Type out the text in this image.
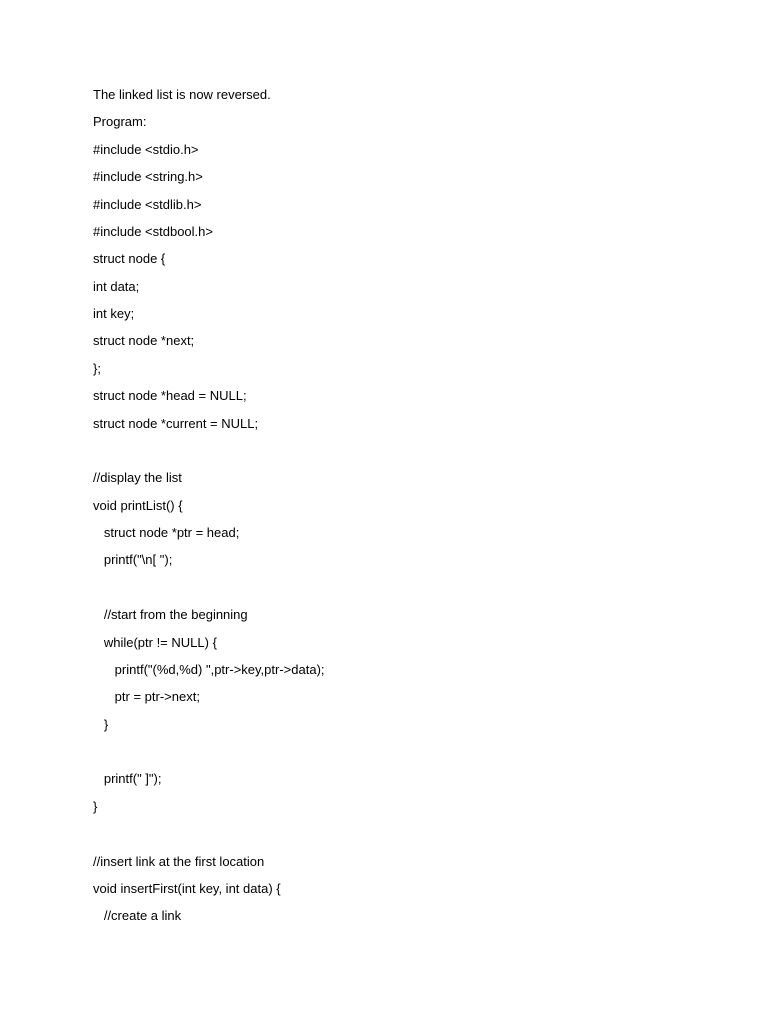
The linked list is now reversed.
Program:
#include <stdio.h>
#include <string.h>
#include <stdlib.h>
#include <stdbool.h>
struct node {
int data;
int key;
struct node *next;
};
struct node *head = NULL;
struct node *current = NULL;
//display the list
void printList() {
struct node *ptr = head;
printf("\n[ ");
//start from the beginning
while(ptr != NULL) {
printf("(%d,%d) ",ptr->key,ptr->data);
ptr = ptr->next;
}
printf(" ]");
}
//insert link at the first location
void insertFirst(int key, int data) {
//create a link
